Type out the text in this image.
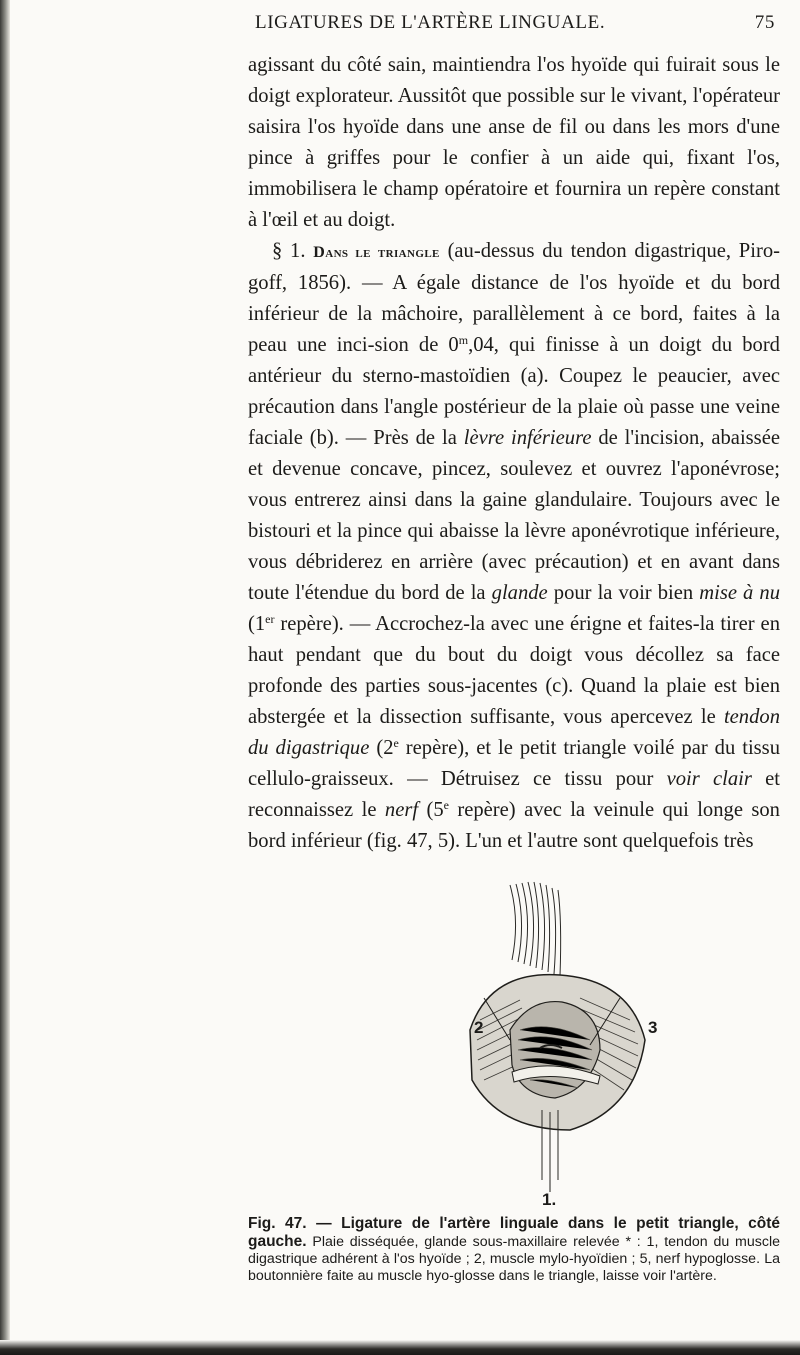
LIGATURES DE L'ARTÈRE LINGUALE.	75

agissant du côté sain, maintiendra l'os hyoïde qui fuirait sous le doigt explorateur. Aussitôt que possible sur le vivant, l'opérateur saisira l'os hyoïde dans une anse de fil ou dans les mors d'une pince à griffes pour le confier à un aide qui, fixant l'os, immobilisera le champ opératoire et fournira un repère constant à l'œil et au doigt.

§ 1. Dans le triangle (au-dessus du tendon digastrique, Piro-goff, 1856). — A égale distance de l'os hyoïde et du bord inférieur de la mâchoire, parallèlement à ce bord, faites à la peau une inci-sion de 0$^m$,04, qui finisse à un doigt du bord antérieur du sterno-mastoïdien (a). Coupez le peaucier, avec précaution dans l'angle postérieur de la plaie où passe une veine faciale (b). — Près de la lèvre inférieure de l'incision, abaissée et devenue concave, pincez, soulevez et ouvrez l'aponévrose; vous entrerez ainsi dans la gaine glandulaire. Toujours avec le bistouri et la pince qui abaisse la lèvre aponévrotique inférieure, vous débriderez en arrière (avec précaution) et en avant dans toute l'étendue du bord de la glande pour la voir bien mise à nu (1er repère). — Accrochez-la avec une érigne et faites-la tirer en haut pendant que du bout du doigt vous décollez sa face profonde des parties sous-jacentes (c). Quand la plaie est bien abstergée et la dissection suffisante, vous apercevez le tendon du digastrique (2e repère), et le petit triangle voilé par du tissu cellulo-graisseux. — Détruisez ce tissu pour voir clair et reconnaissez le nerf (5e repère) avec la veinule qui longe son bord inférieur (fig. 47, 5). L'un et l'autre sont quelquefois très

2	3
1.
Fig. 47. — Ligature de l'artère linguale dans le petit triangle, côté gauche. Plaie disséquée, glande sous-maxillaire relevée * : 1, tendon du muscle digastrique adhérent à l'os hyoïde ; 2, muscle mylo-hyoïdien ; 5, nerf hypoglosse. La boutonnière faite au muscle hyo-glosse dans le triangle, laisse voir l'artère.
